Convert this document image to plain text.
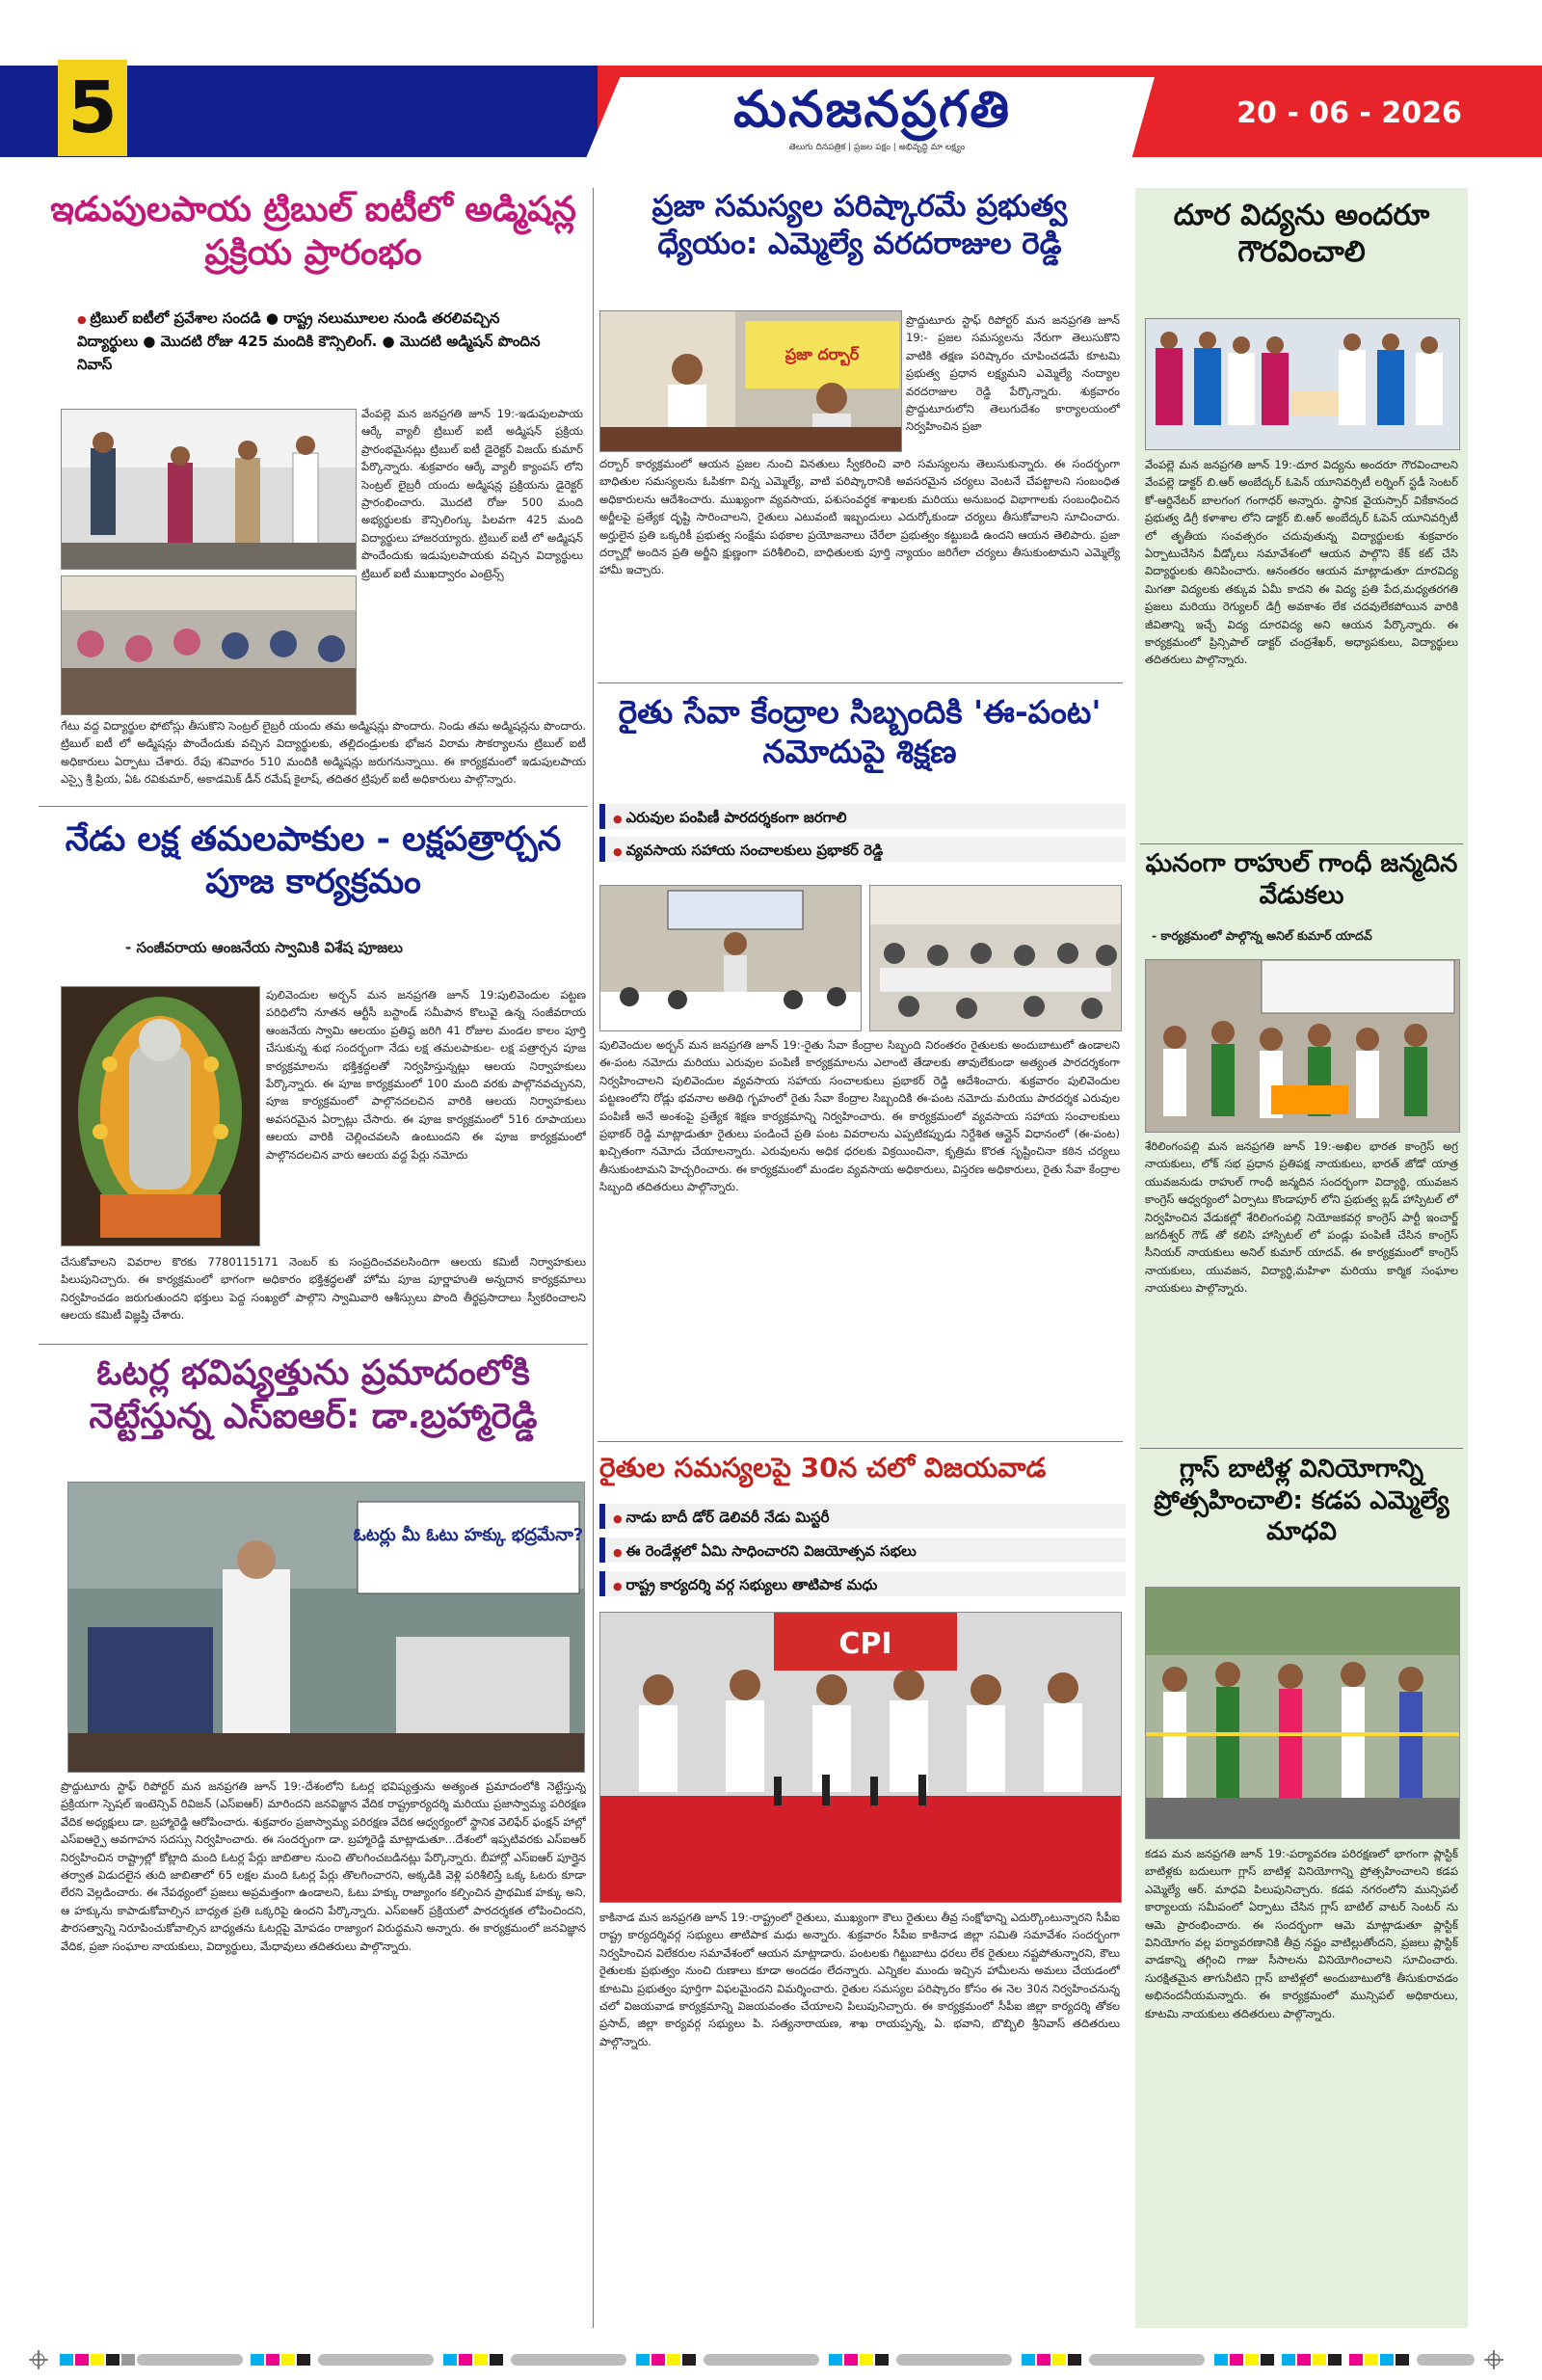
5	మనజనప్రగతి
తెలుగు దినపత్రిక | ప్రజల పక్షం | అభివృద్ధి మా లక్ష్యం
20 - 06 - 2026
ఇడుపులపాయ ట్రిబుల్ ఐటీలో అడ్మిషన్ల ప్రక్రియ ప్రారంభం
● ట్రిబుల్ ఐటీలో ప్రవేశాల సందడి ● రాష్ట్ర నలుమూలల నుండి తరలివచ్చిన విద్యార్థులు ● మొదటి రోజు 425 మందికి కౌన్సిలింగ్. ● మొదటి అడ్మిషన్ పొందిన నివాస్
వేంపల్లె మన జనప్రగతి జూన్ 19:-ఇడుపులపాయ ఆర్కే వ్యాలీ ట్రిబుల్ ఐటీ అడ్మిషన్ ప్రక్రియ ప్రారంభమైనట్లు ట్రిబుల్ ఐటీ డైరెక్టర్ విజయ్ కుమార్ పేర్కొన్నారు. శుక్రవారం ఆర్కే వ్యాలీ క్యాంపస్ లోని సెంట్రల్ లైబ్రరీ యందు అడ్మిషన్ల ప్రక్రియను డైరెక్టర్ ప్రారంభించారు. మొదటి రోజు 500 మంది అభ్యర్థులకు కౌన్సిలింగ్కు పిలవగా 425 మంది విద్యార్థులు హాజరయ్యారు. ట్రిబుల్ ఐటీ లో అడ్మిషన్ పొందేందుకు ఇడుపులపాయకు వచ్చిన విద్యార్థులు ట్రిబుల్ ఐటీ ముఖద్వారం ఎంట్రెన్స్
గేటు వద్ద విద్యార్థుల ఫోటోస్లు తీసుకొని సెంట్రల్ లైబ్రరీ యందు తమ అడ్మిషన్లు పొందారు. నిండు తమ అడ్మిషన్లను పొందారు. ట్రిబుల్ ఐటీ లో అడ్మిషన్లు పొందేందుకు వచ్చిన విద్యార్థులకు, తల్లిదండ్రులకు భోజన విరామ సౌకర్యాలను ట్రిబుల్ ఐటీ అధికారులు ఏర్పాటు చేశారు. రేపు శనివారం 510 మందికి అడ్మిషన్లు జరుగనున్నాయి. ఈ కార్యక్రమంలో ఇడుపులపాయ ఎస్సై శ్రీ ప్రియ, ఏఓ రవికుమార్, అకాడమిక్ డీన్ రమేష్ కైలాష్, తదితర ట్రిపుల్ ఐటీ అధికారులు పాల్గొన్నారు.
నేడు లక్ష తమలపాకుల - లక్షపత్రార్చన పూజ కార్యక్రమం
- సంజీవరాయ ఆంజనేయ స్వామికి విశేష పూజలు
పులివెందుల అర్బన్ మన జనప్రగతి జూన్ 19:పులివెందుల పట్టణ పరిధిలోని నూతన ఆర్టీసీ బస్టాండ్ సమీపాన కొలువై ఉన్న సంజీవరాయ ఆంజనేయ స్వామి ఆలయం ప్రతిష్ఠ జరిగి 41 రోజుల మండల కాలం పూర్తి చేసుకున్న శుభ సందర్భంగా నేడు లక్ష తమలపాకుల- లక్ష పత్రార్చన పూజ కార్యక్రమాలను భక్తిశ్రద్ధలతో నిర్వహిస్తున్నట్లు ఆలయ నిర్వాహకులు పేర్కొన్నారు. ఈ పూజ కార్యక్రమంలో 100 మంది వరకు పాల్గొనవచ్చునని, పూజ కార్యక్రమంలో పాల్గొనదలచిన వారికి ఆలయ నిర్వాహకులు అవసరమైన ఏర్పాట్లు చేసారు. ఈ పూజ కార్యక్రమంలో 516 రూపాయలు ఆలయ వారికి చెల్లించవలసి ఉంటుందని ఈ పూజ కార్యక్రమంలో పాల్గొనదలచిన వారు ఆలయ వద్ద పేర్లు నమోదు
చేసుకోవాలని వివరాల కొరకు 7780115171 నెంబర్ కు సంప్రదించవలసిందిగా ఆలయ కమిటీ నిర్వాహకులు పిలుపునిచ్చారు. ఈ కార్యక్రమంలో భాగంగా అధికారం భక్తిశ్రద్ధలతో హోమ పూజ పూర్ణాహుతి అన్నదాన కార్యక్రమాలు నిర్వహించడం జరుగుతుందని భక్తులు పెద్ద సంఖ్యలో పాల్గొని స్వామివారి ఆశీస్సులు పొంది తీర్థప్రసాదాలు స్వీకరించాలని ఆలయ కమిటీ విజ్ఞప్తి చేశారు.
ఓటర్ల భవిష్యత్తును ప్రమాదంలోకి నెట్టేస్తున్న ఎస్ఐఆర్: డా.బ్రహ్మారెడ్డి
ఓటర్లు మీ ఓటు హక్కు భద్రమేనా?
ప్రొద్దుటూరు స్టాఫ్ రిపోర్టర్ మన జనప్రగతి జూన్ 19:-దేశంలోని ఓటర్ల భవిష్యత్తును అత్యంత ప్రమాదంలోకి నెట్టేస్తున్న ప్రక్రియగా స్పెషల్ ఇంటెన్సివ్ రివిజన్ (ఎస్ఐఆర్) మారిందని జనవిజ్ఞాన వేదిక రాష్ట్రకార్యదర్శి మరియు ప్రజాస్వామ్య పరిరక్షణ వేదిక అధ్యక్షులు డా. బ్రహ్మారెడ్డి ఆరోపించారు. శుక్రవారం ప్రజాస్వామ్య పరిరక్షణ వేదిక ఆధ్వర్యంలో స్థానిక వెలిఫేర్ ఫంక్షన్ హాల్లో ఎస్ఐఆర్పై అవగాహన సదస్సు నిర్వహించారు. ఈ సందర్భంగా డా. బ్రహ్మారెడ్డి మాట్లాడుతూ...దేశంలో ఇప్పటివరకు ఎస్ఐఆర్ నిర్వహించిన రాష్ట్రాల్లో కోట్లాది మంది ఓటర్ల పేర్లు జాబితాల నుంచి తొలగించబడినట్లు పేర్కొన్నారు. బీహార్లో ఎస్ఐఆర్ పూర్తైన తర్వాత విడుదలైన తుది జాబితాలో 65 లక్షల మంది ఓటర్ల పేర్లు తొలగించారని, అక్కడికి వెళ్లి పరిశీలిస్తే ఒక్క ఓటరు కూడా లేరని వెల్లడించారు. ఈ నేపథ్యంలో ప్రజలు అప్రమత్తంగా ఉండాలని, ఓటు హక్కు రాజ్యాంగం కల్పించిన ప్రాథమిక హక్కు అని, ఆ హక్కును కాపాడుకోవాల్సిన బాధ్యత ప్రతి ఒక్కరిపై ఉందని పేర్కొన్నారు. ఎస్ఐఆర్ ప్రక్రియలో పారదర్శకత లోపించిందని, పౌరసత్వాన్ని నిరూపించుకోవాల్సిన బాధ్యతను ఓటర్లపై మోపడం రాజ్యాంగ విరుద్ధమని అన్నారు. ఈ కార్యక్రమంలో జనవిజ్ఞాన వేదిక, ప్రజా సంఘాల నాయకులు, విద్యార్థులు, మేధావులు తదితరులు పాల్గొన్నారు.
ప్రజా సమస్యల పరిష్కారమే ప్రభుత్వ ధ్యేయం: ఎమ్మెల్యే వరదరాజుల రెడ్డి
ప్రజా దర్బార్
ప్రొద్దుటూరు స్టాఫ్ రిపోర్టర్ మన జనప్రగతి జూన్ 19:- ప్రజల సమస్యలను నేరుగా తెలుసుకొని వాటికి తక్షణ పరిష్కారం చూపించడమే కూటమి ప్రభుత్వ ప్రధాన లక్ష్యమని ఎమ్మెల్యే నంద్యాల వరదరాజుల రెడ్డి పేర్కొన్నారు. శుక్రవారం ప్రొద్దుటూరులోని తెలుగుదేశం కార్యాలయంలో నిర్వహించిన ప్రజా
దర్బార్ కార్యక్రమంలో ఆయన ప్రజల నుంచి వినతులు స్వీకరించి వారి సమస్యలను తెలుసుకున్నారు. ఈ సందర్భంగా బాధితుల సమస్యలను ఓపికగా విన్న ఎమ్మెల్యే, వాటి పరిష్కారానికి అవసరమైన చర్యలు వెంటనే చేపట్టాలని సంబంధిత అధికారులను ఆదేశించారు. ముఖ్యంగా వ్యవసాయ, పశుసంవర్ధక శాఖలకు మరియు అనుబంధ విభాగాలకు సంబంధించిన అర్జీలపై ప్రత్యేక దృష్టి సారించాలని, రైతులు ఎటువంటి ఇబ్బందులు ఎదుర్కోకుండా చర్యలు తీసుకోవాలని సూచించారు. అర్హులైన ప్రతి ఒక్కరికీ ప్రభుత్వ సంక్షేమ పథకాల ప్రయోజనాలు చేరేలా ప్రభుత్వం కట్టుబడి ఉందని ఆయన తెలిపారు. ప్రజా దర్బార్లో అందిన ప్రతి అర్జీని క్షుణ్ణంగా పరిశీలించి, బాధితులకు పూర్తి న్యాయం జరిగేలా చర్యలు తీసుకుంటామని ఎమ్మెల్యే హామీ ఇచ్చారు.
రైతు సేవా కేంద్రాల సిబ్బందికి 'ఈ-పంట' నమోదుపై శిక్షణ
● ఎరువుల పంపిణీ పారదర్శకంగా జరగాలి
● వ్యవసాయ సహాయ సంచాలకులు ప్రభాకర్ రెడ్డి
పులివెందుల అర్బన్ మన జనప్రగతి జూన్ 19:-రైతు సేవా కేంద్రాల సిబ్బంది నిరంతరం రైతులకు అందుబాటులో ఉండాలని ఈ-పంట నమోదు మరియు ఎరువుల పంపిణీ కార్యక్రమాలను ఎలాంటి తేడాలకు తావులేకుండా అత్యంత పారదర్శకంగా నిర్వహించాలని పులివెందుల వ్యవసాయ సహాయ సంచాలకులు ప్రభాకర్ రెడ్డి ఆదేశించారు. శుక్రవారం పులివెందుల పట్టణంలోని రోడ్లు భవనాల అతిథి గృహంలో రైతు సేవా కేంద్రాల సిబ్బందికి ఈ-పంట నమోదు మరియు పారదర్శక ఎరువుల పంపిణీ అనే అంశంపై ప్రత్యేక శిక్షణ కార్యక్రమాన్ని నిర్వహించారు. ఈ కార్యక్రమంలో వ్యవసాయ సహాయ సంచాలకులు ప్రభాకర్ రెడ్డి మాట్లాడుతూ రైతులు పండించే ప్రతి పంట వివరాలను ఎప్పటికప్పుడు నిర్దేశిత ఆన్లైన్ విధానంలో (ఈ-పంట) ఖచ్చితంగా నమోదు చేయాలన్నారు. ఎరువులను అధిక ధరలకు విక్రయించినా, కృత్రిమ కొరత సృష్టించినా కఠిన చర్యలు తీసుకుంటామని హెచ్చరించారు. ఈ కార్యక్రమంలో మండల వ్యవసాయ అధికారులు, విస్తరణ అధికారులు, రైతు సేవా కేంద్రాల సిబ్బంది తదితరులు పాల్గొన్నారు.
రైతుల సమస్యలపై 30న చలో విజయవాడ
● నాడు బాదీ డోర్ డెలివరీ నేడు మిస్టరీ
● ఈ రెండేళ్లలో ఏమి సాధించారని విజయోత్సవ సభలు
● రాష్ట్ర కార్యదర్శి వర్గ సభ్యులు తాటిపాక మధు
CPI
కాకినాడ మన జనప్రగతి జూన్ 19:-రాష్ట్రంలో రైతులు, ముఖ్యంగా కౌలు రైతులు తీవ్ర సంక్షోభాన్ని ఎదుర్కొంటున్నారని సీపీఐ రాష్ట్ర కార్యదర్శివర్గ సభ్యులు తాటిపాక మధు అన్నారు. శుక్రవారం సీపీఐ కాకినాడ జిల్లా సమితి సమావేశం సందర్భంగా నిర్వహించిన విలేకరుల సమావేశంలో ఆయన మాట్లాడారు. పంటలకు గిట్టుబాటు ధరలు లేక రైతులు నష్టపోతున్నారని, కౌలు రైతులకు ప్రభుత్వం నుంచి రుణాలు కూడా అందడం లేదన్నారు. ఎన్నికల ముందు ఇచ్చిన హామీలను అమలు చేయడంలో కూటమి ప్రభుత్వం పూర్తిగా విఫలమైందని విమర్శించారు. రైతుల సమస్యల పరిష్కారం కోసం ఈ నెల 30న నిర్వహించనున్న చలో విజయవాడ కార్యక్రమాన్ని విజయవంతం చేయాలని పిలుపునిచ్చారు. ఈ కార్యక్రమంలో సీపీఐ జిల్లా కార్యదర్శి తోకల ప్రసాద్, జిల్లా కార్యవర్గ సభ్యులు పి. సత్యనారాయణ, శాఖ రాయప్పన్న, ఏ. భవాని, బొబ్బిలి శ్రీనివాస్ తదితరులు పాల్గొన్నారు.
దూర విద్యను అందరూ గౌరవించాలి
వేంపల్లె మన జనప్రగతి జూన్ 19:-దూర విద్యను అందరూ గౌరవించాలని వేంపల్లె డాక్టర్ బి.ఆర్ అంబేద్కర్ ఓపెన్ యూనివర్సిటీ లర్నింగ్ స్టడీ సెంటర్ కో-ఆర్డినేటర్ బాలగంగ గంగాధర్ అన్నారు. స్థానిక వైయస్సార్ వికేకానంద ప్రభుత్వ డిగ్రీ కళాశాల లోని డాక్టర్ బి.ఆర్ అంబేద్కర్ ఓపెన్ యూనివర్సిటీ లో తృతీయ సంవత్సరం చదువుతున్న విద్యార్థులకు శుక్రవారం ఏర్పాటుచేసిన వీడ్కోలు సమావేశంలో ఆయన పాల్గొని కేక్ కట్ చేసి విద్యార్థులకు తినిపించారు. ఆనంతరం ఆయన మాట్లాడుతూ దూరవిద్య మిగతా విద్యలకు తక్కువ ఏమీ కాదని ఈ విద్య ప్రతి పేద,మధ్యతరగతి ప్రజలు మరియు రెగ్యులర్ డిగ్రీ అవకాశం లేక చదవులేకపోయిన వారికి జీవితాన్ని ఇచ్చే విద్య దూరవిద్య అని ఆయన పేర్కొన్నారు. ఈ కార్యక్రమంలో ప్రిన్సిపాల్ డాక్టర్ చంద్రశేఖర్, అధ్యాపకులు, విద్యార్థులు తదితరులు పాల్గొన్నారు.
ఘనంగా రాహుల్ గాంధీ జన్మదిన వేడుకలు
- కార్యక్రమంలో పాల్గొన్న అనిల్ కుమార్ యాదవ్
శేరిలింగంపల్లి మన జనప్రగతి జూన్ 19:-అఖిల భారత కాంగ్రెస్ అగ్ర నాయకులు, లోక్ సభ ప్రధాన ప్రతిపక్ష నాయకులు, భారత్ జోడో యాత్ర యువజనుడు రాహుల్ గాంధీ జన్మదిన సందర్భంగా విద్యార్థి, యువజన కాంగ్రెస్ ఆధ్వర్యంలో ఏర్పాటు కొండాపూర్ లోని ప్రభుత్వ బ్లడ్ హాస్పిటల్ లో నిర్వహించిన వేడుకల్లో శేరిలింగంపల్లి నియోజకవర్గ కాంగ్రెస్ పార్టీ ఇంచార్జ్ జగదీశ్వర్ గౌడ్ తో కలిసి హాస్పిటల్ లో పండ్లు పంపిణీ చేసిన కాంగ్రెస్ సీనియర్ నాయకులు అనిల్ కుమార్ యాదవ్. ఈ కార్యక్రమంలో కాంగ్రెస్ నాయకులు, యువజన, విద్యార్థి,మహిళా మరియు కార్మిక సంఘాల నాయకులు పాల్గొన్నారు.
గ్లాస్ బాటిళ్ల వినియోగాన్ని ప్రోత్సహించాలి: కడప ఎమ్మెల్యే మాధవి
కడప మన జనప్రగతి జూన్ 19:-పర్యావరణ పరిరక్షణలో భాగంగా ప్లాస్టిక్ బాటిళ్లకు బదులుగా గ్లాస్ బాటిళ్ల వినియోగాన్ని ప్రోత్సహించాలని కడప ఎమ్మెల్యే ఆర్. మాధవి పిలుపునిచ్చారు. కడప నగరంలోని మున్సిపల్ కార్యాలయ సమీపంలో ఏర్పాటు చేసిన గ్లాస్ బాటిల్ వాటర్ సెంటర్ ను ఆమె ప్రారంభించారు. ఈ సందర్భంగా ఆమె మాట్లాడుతూ ప్లాస్టిక్ వినియోగం వల్ల పర్యావరణానికి తీవ్ర నష్టం వాటిల్లుతోందని, ప్రజలు ప్లాస్టిక్ వాడకాన్ని తగ్గించి గాజు సీసాలను వినియోగించాలని సూచించారు. సురక్షితమైన తాగునీటిని గ్లాస్ బాటిళ్లలో అందుబాటులోకి తీసుకురావడం అభినందనీయమన్నారు. ఈ కార్యక్రమంలో మున్సిపల్ అధికారులు, కూటమి నాయకులు తదితరులు పాల్గొన్నారు.
